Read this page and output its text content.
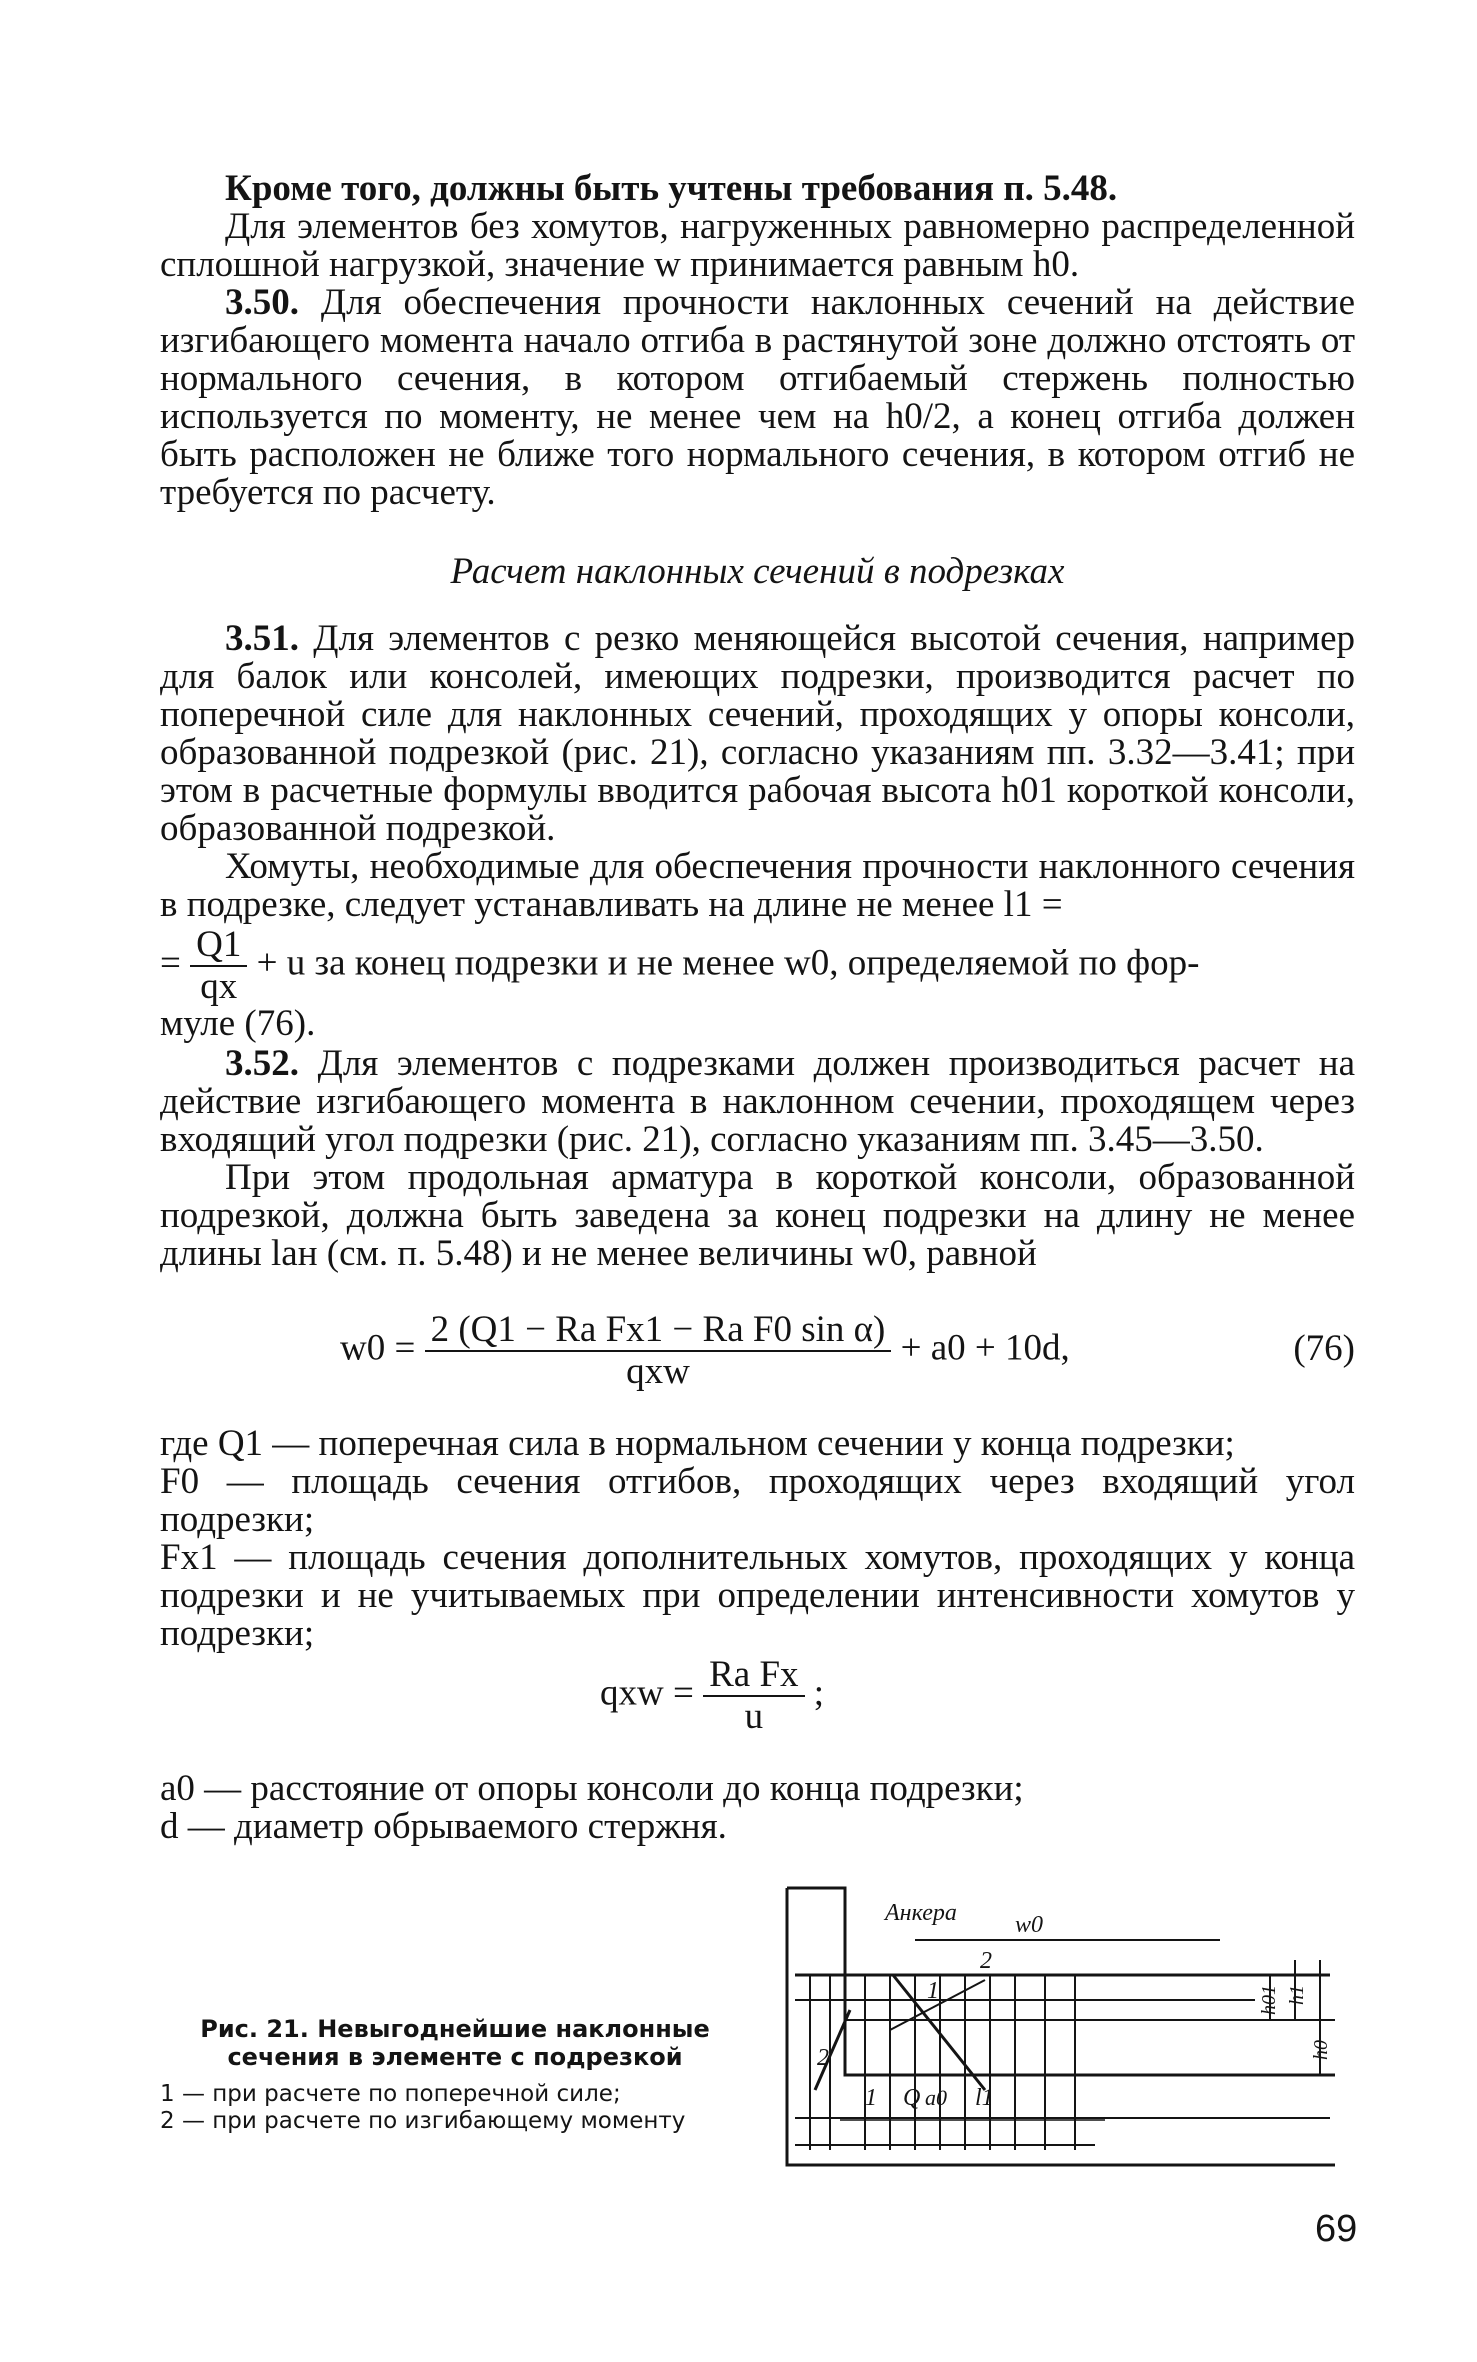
Кроме того, должны быть учтены требования п. 5.48.

Для элементов без хомутов, нагруженных равномерно распределенной сплошной нагрузкой, значение w принимается равным h0.

3.50. Для обеспечения прочности наклонных сечений на действие изгибающего момента начало отгиба в растянутой зоне должно отстоять от нормального сечения, в котором отгибаемый стержень полностью используется по моменту, не менее чем на h0/2, а конец отгиба должен быть расположен не ближе того нормального сечения, в котором отгиб не требуется по расчету.

Расчет наклонных сечений в подрезках

3.51. Для элементов с резко меняющейся высотой сечения, например для балок или консолей, имеющих подрезки, производится расчет по поперечной силе для наклонных сечений, проходящих у опоры консоли, образованной подрезкой (рис. 21), согласно указаниям пп. 3.32—3.41; при этом в расчетные формулы вводится рабочая высота h01 короткой консоли, образованной подрезкой.

Хомуты, необходимые для обеспечения прочности наклонного сечения в подрезке, следует устанавливать на длине не менее l1 =

= $\frac{Q1}{qx} + u$ за конец подрезки и не менее w0, определяемой по фор-
муле (76).

3.52. Для элементов с подрезками должен производиться расчет на действие изгибающего момента в наклонном сечении, проходящем через входящий угол подрезки (рис. 21), согласно указаниям пп. 3.45—3.50.

При этом продольная арматура в короткой консоли, образованной подрезкой, должна быть заведена за конец подрезки на длину не менее длины lан (см. п. 5.48) и не менее величины w0, равной

$w0 = \frac{\text{2 (Q1 − Ra Fx1 − Ra F0 sin α)}}{\text{qxw}} + a0 + 10d$,	(76)

где Q1 — поперечная сила в нормальном сечении у конца подрезки;

F0 — площадь сечения отгибов, проходящих через входящий угол подрезки;

Fx1 — площадь сечения дополнительных хомутов, проходящих у конца подрезки и не учитываемых при определении интенсивности хомутов у подрезки;

qxw = $\frac{\text{Ra Fx}}{u}$ ;

a0 — расстояние от опоры консоли до конца подрезки;

d — диаметр обрываемого стержня.

Рис. 21. Невыгоднейшие наклонные сечения в элементе с подрезкой

1 — при расчете по поперечной силе;
2 — при расчете по изгибающему моменту

Анкера w0
2
2
1
1 Q a0 l1
h01 h1
h0
69
